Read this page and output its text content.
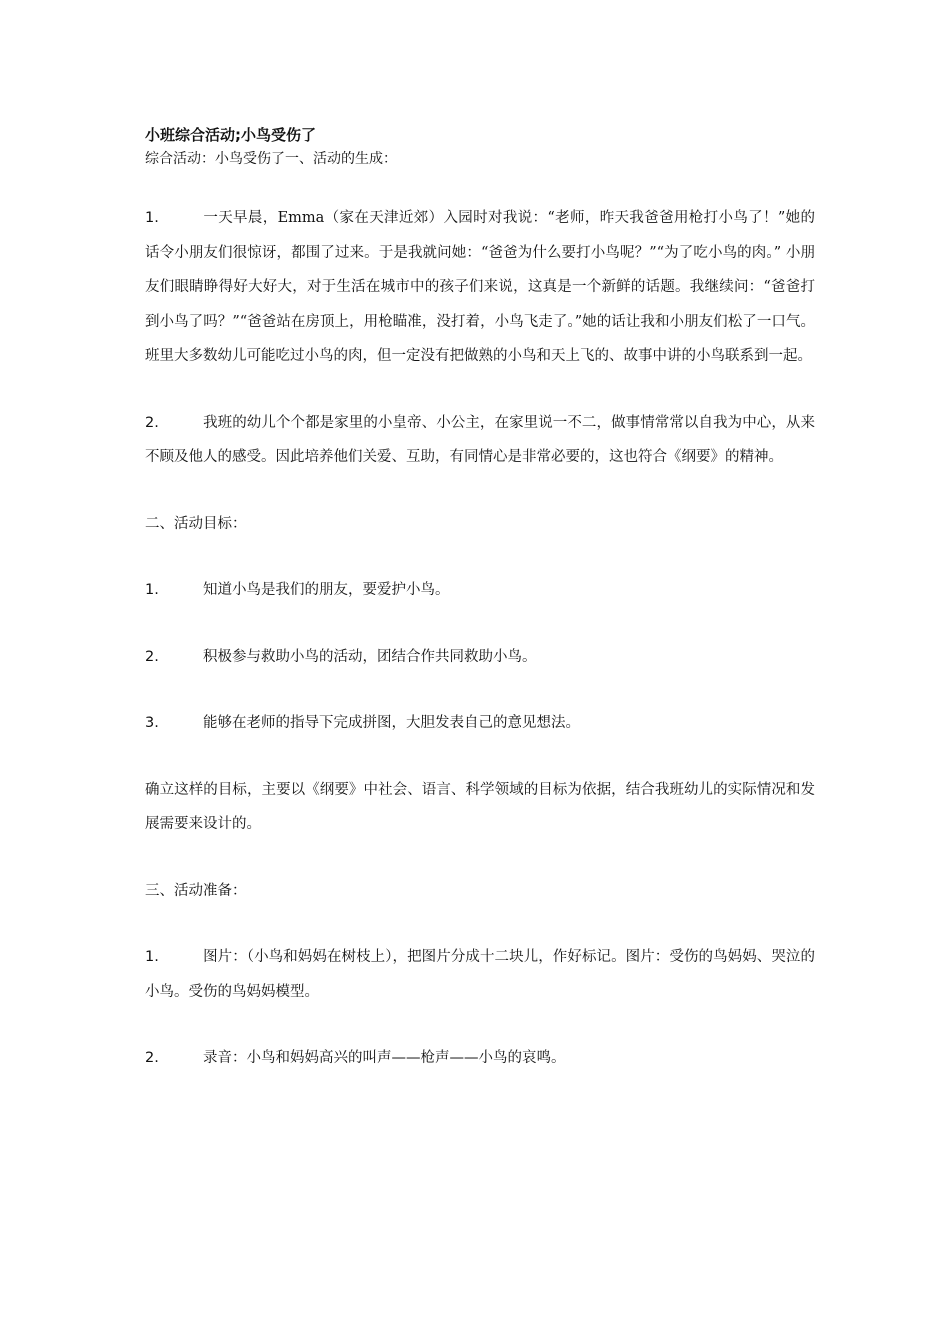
小班综合活动;小鸟受伤了

综合活动：小鸟受伤了一、活动的生成：

1.	一天早晨，Emma（家在天津近郊）入园时对我说：“老师，昨天我爸爸用枪打小鸟了！”她的话令小朋友们很惊讶，都围了过来。于是我就问她：“爸爸为什么要打小鸟呢？”“为了吃小鸟的肉。” 小朋友们眼睛睁得好大好大，对于生活在城市中的孩子们来说，这真是一个新鲜的话题。我继续问：“爸爸打到小鸟了吗？”“爸爸站在房顶上，用枪瞄准，没打着，小鸟飞走了。”她的话让我和小朋友们松了一口气。班里大多数幼儿可能吃过小鸟的肉，但一定没有把做熟的小鸟和天上飞的、故事中讲的小鸟联系到一起。

2.	我班的幼儿个个都是家里的小皇帝、小公主，在家里说一不二，做事情常常以自我为中心，从来不顾及他人的感受。因此培养他们关爱、互助，有同情心是非常必要的，这也符合《纲要》的精神。

二、活动目标：

1.	知道小鸟是我们的朋友，要爱护小鸟。

2.	积极参与救助小鸟的活动，团结合作共同救助小鸟。

3.	能够在老师的指导下完成拼图，大胆发表自己的意见想法。

确立这样的目标，主要以《纲要》中社会、语言、科学领域的目标为依据，结合我班幼儿的实际情况和发展需要来设计的。

三、活动准备：

1.	图片：（小鸟和妈妈在树枝上），把图片分成十二块儿，作好标记。图片：受伤的鸟妈妈、哭泣的小鸟。受伤的鸟妈妈模型。

2.	录音：小鸟和妈妈高兴的叫声——枪声——小鸟的哀鸣。
